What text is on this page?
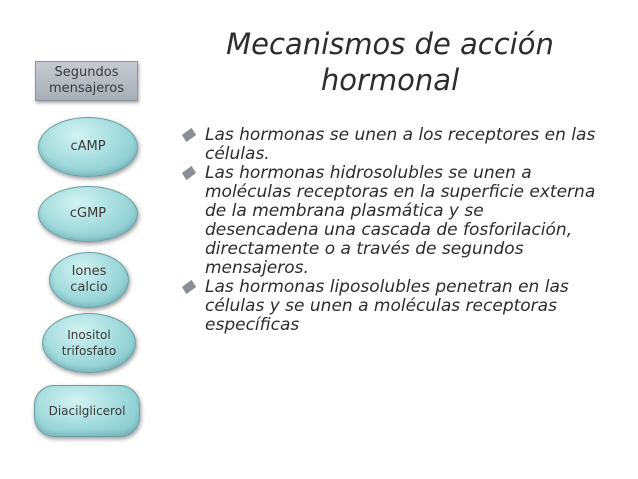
Segundos mensajeros
cAMP
cGMP
Iones calcio
Inositol trifosfato
Diacilglicerol
Mecanismos de acción hormonal
Las hormonas se unen a los receptores en las células.
Las hormonas hidrosolubles se unen a moléculas receptoras en la superficie externa de la membrana plasmática y se desencadena una cascada de fosforilación, directamente o a través de segundos mensajeros.
Las hormonas liposolubles penetran en las células y se unen a moléculas receptoras específicas
